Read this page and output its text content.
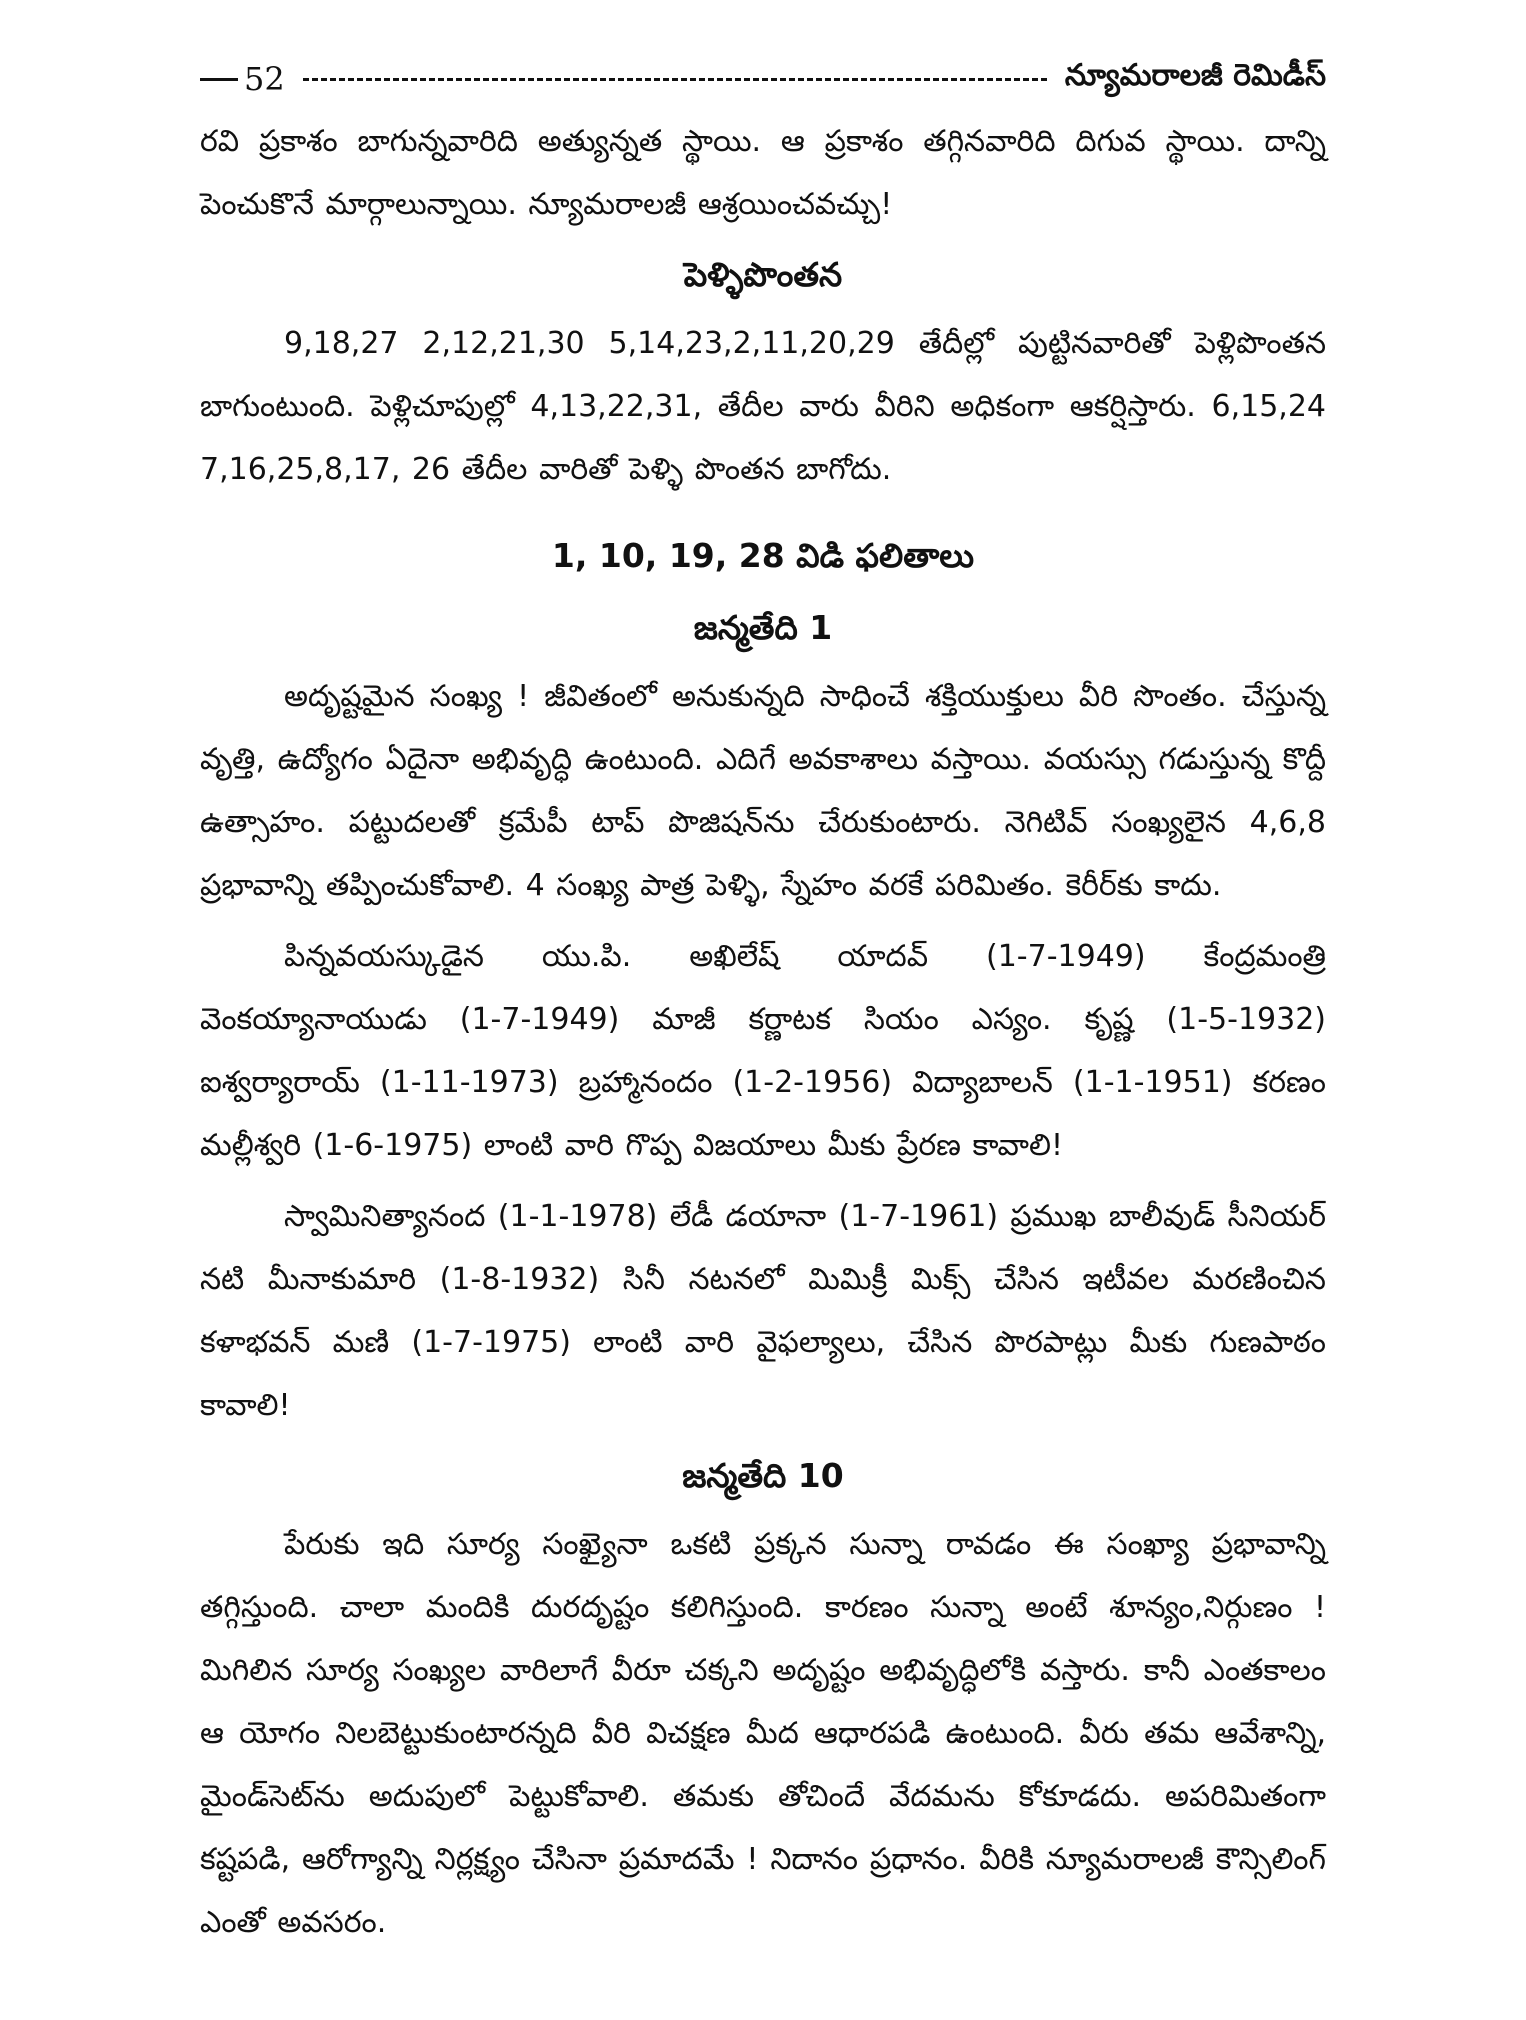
52	న్యూమరాలజీ రెమిడీస్

రవి ప్రకాశం బాగున్నవారిది అత్యున్నత స్థాయి. ఆ ప్రకాశం తగ్గినవారిది దిగువ స్థాయి. దాన్ని పెంచుకొనే మార్గాలున్నాయి. న్యూమరాలజీ ఆశ్రయించవచ్చు!

పెళ్ళిపొంతన

9,18,27 2,12,21,30 5,14,23,2,11,20,29 తేదీల్లో పుట్టినవారితో పెళ్లిపొంతన బాగుంటుంది. పెళ్లిచూపుల్లో 4,13,22,31, తేదీల వారు వీరిని అధికంగా ఆకర్షిస్తారు. 6,15,24 7,16,25,8,17, 26 తేదీల వారితో పెళ్ళి పొంతన బాగోదు.

1, 10, 19, 28 విడి ఫలితాలు
జన్మతేది 1

అదృష్టమైన సంఖ్య ! జీవితంలో అనుకున్నది సాధించే శక్తియుక్తులు వీరి సొంతం. చేస్తున్న వృత్తి, ఉద్యోగం ఏదైనా అభివృద్ధి ఉంటుంది. ఎదిగే అవకాశాలు వస్తాయి. వయస్సు గడుస్తున్న కొద్దీ ఉత్సాహం. పట్టుదలతో క్రమేపీ టాప్ పొజిషన్‌ను చేరుకుంటారు. నెగిటివ్ సంఖ్యలైన 4,6,8 ప్రభావాన్ని తప్పించుకోవాలి. 4 సంఖ్య పాత్ర పెళ్ళి, స్నేహం వరకే పరిమితం. కెరీర్‌కు కాదు.

పిన్నవయస్కుడైన యు.పి. అఖిలేష్ యాదవ్ (1-7-1949) కేంద్రమంత్రి వెంకయ్యానాయుడు (1-7-1949) మాజీ కర్ణాటక సియం ఎస్యం. కృష్ణ (1-5-1932) ఐశ్వర్యారాయ్ (1-11-1973) బ్రహ్మానందం (1-2-1956) విద్యాబాలన్ (1-1-1951) కరణం మల్లీశ్వరి (1-6-1975) లాంటి వారి గొప్ప విజయాలు మీకు ప్రేరణ కావాలి!

స్వామినిత్యానంద (1-1-1978) లేడీ డయానా (1-7-1961) ప్రముఖ బాలీవుడ్ సీనియర్ నటి మీనాకుమారి (1-8-1932) సినీ నటనలో మిమిక్రీ మిక్స్ చేసిన ఇటీవల మరణించిన కళాభవన్ మణి (1-7-1975) లాంటి వారి వైఫల్యాలు, చేసిన పొరపాట్లు మీకు గుణపాఠం కావాలి!

జన్మతేది 10

పేరుకు ఇది సూర్య సంఖ్యైనా ఒకటి ప్రక్కన సున్నా రావడం ఈ సంఖ్యా ప్రభావాన్ని తగ్గిస్తుంది. చాలా మందికి దురదృష్టం కలిగిస్తుంది. కారణం సున్నా అంటే శూన్యం,నిర్గుణం ! మిగిలిన సూర్య సంఖ్యల వారిలాగే వీరూ చక్కని అదృష్టం అభివృద్ధిలోకి వస్తారు. కానీ ఎంతకాలం ఆ యోగం నిలబెట్టుకుంటారన్నది వీరి విచక్షణ మీద ఆధారపడి ఉంటుంది. వీరు తమ ఆవేశాన్ని, మైండ్‌సెట్‌ను అదుపులో పెట్టుకోవాలి. తమకు తోచిందే వేదమను కోకూడదు. అపరిమితంగా కష్టపడి, ఆరోగ్యాన్ని నిర్లక్ష్యం చేసినా ప్రమాదమే ! నిదానం ప్రధానం. వీరికి న్యూమరాలజీ కౌన్సిలింగ్ ఎంతో అవసరం.
